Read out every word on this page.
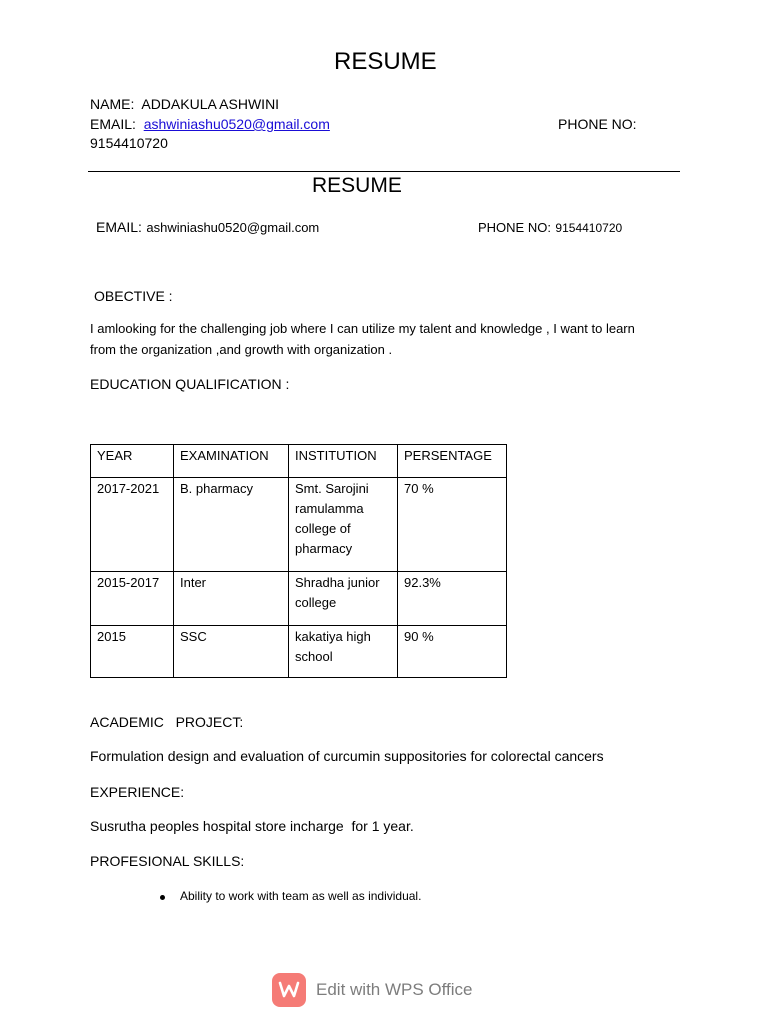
RESUME
NAME: ADDAKULA ASHWINI
EMAIL: ashwiniashu0520@gmail.com	PHONE NO:
9154410720
RESUME
EMAIL: ashwiniashu0520@gmail.com	PHONE NO: 9154410720
OBECTIVE :
I amlooking for the challenging job where I can utilize my talent and knowledge , I want to learn
from the organization ,and growth with organization .
EDUCATION QUALIFICATION :
YEAR	EXAMINATION	INSTITUTION	PERSENTAGE
2017-2021	B. pharmacy	Smt. Sarojini ramulamma college of pharmacy	70 %
2015-2017	Inter	Shradha junior college	92.3%
2015	SSC	kakatiya high school	90 %
ACADEMIC   PROJECT:
Formulation design and evaluation of curcumin suppositories for colorectal cancers
EXPERIENCE:
Susrutha peoples hospital store incharge  for 1 year.
PROFESIONAL SKILLS:
Ability to work with team as well as individual.
Edit with WPS Office
